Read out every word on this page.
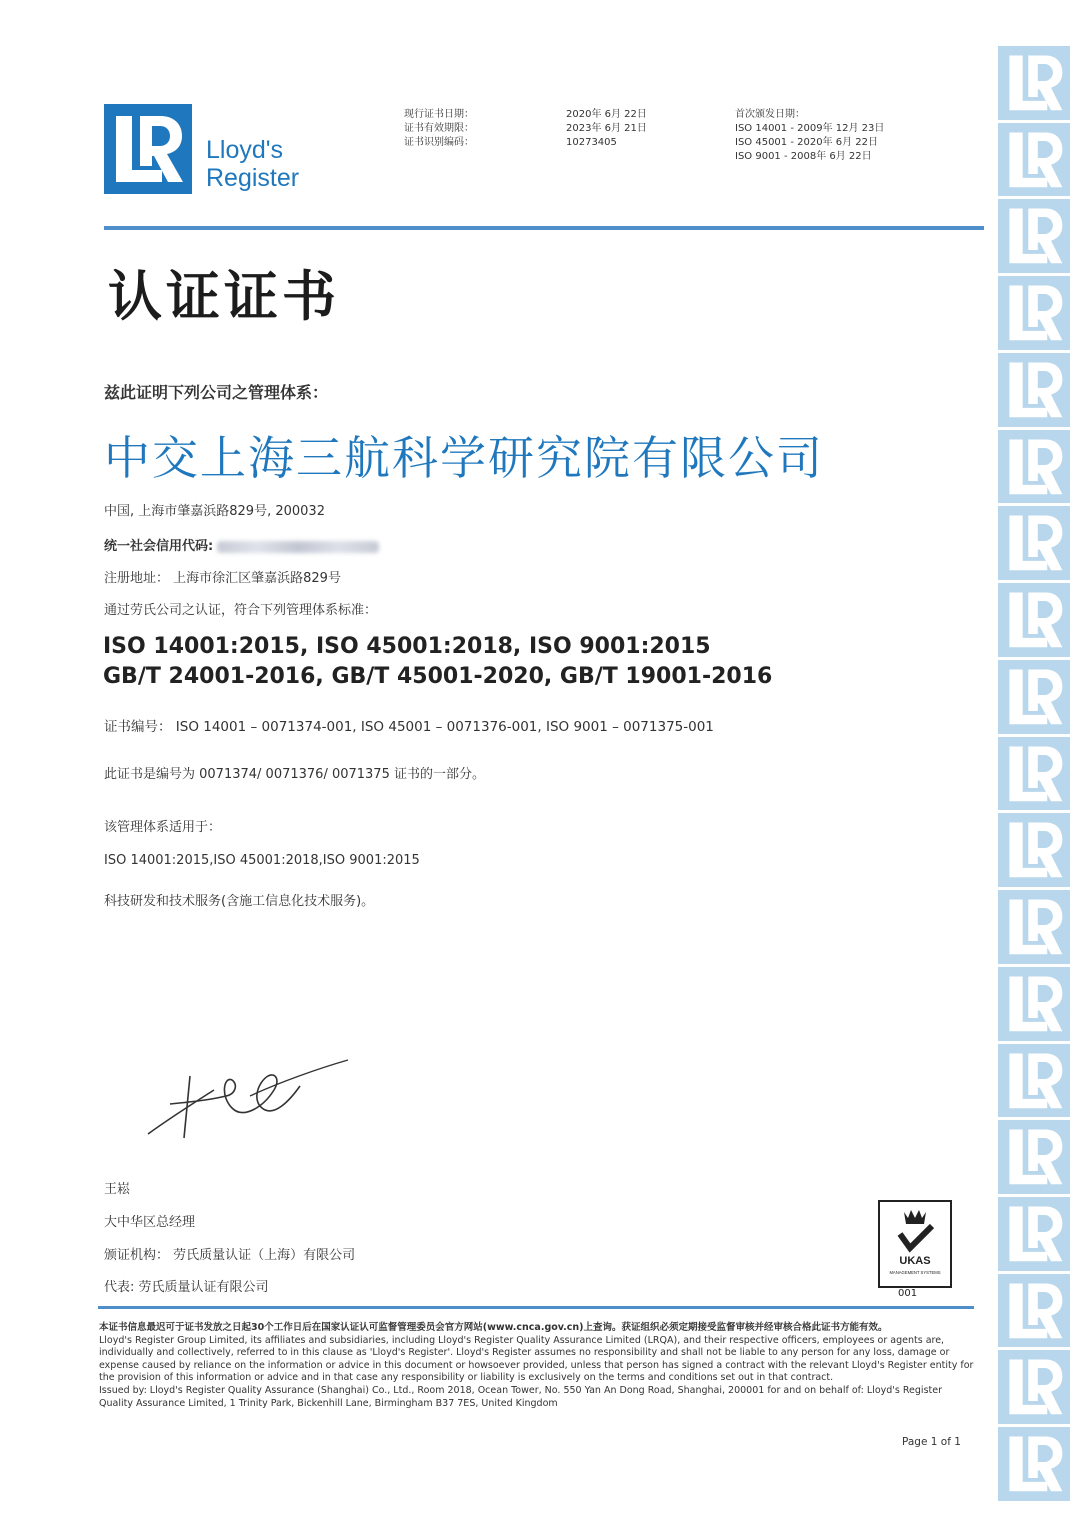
Lloyd's
Register
现行证书日期：
证书有效期限：
证书识别编码：
2020年 6月 22日
2023年 6月 21日
10273405
首次颁发日期：
ISO 14001 - 2009年 12月 23日
ISO 45001 - 2020年 6月 22日
ISO 9001 - 2008年 6月 22日
认证证书
兹此证明下列公司之管理体系：
中交上海三航科学研究院有限公司
中国, 上海市肇嘉浜路829号, 200032
统一社会信用代码:
注册地址： 上海市徐汇区肇嘉浜路829号
通过劳氏公司之认证，符合下列管理体系标准：
ISO 14001:2015, ISO 45001:2018, ISO 9001:2015
GB/T 24001-2016, GB/T 45001-2020, GB/T 19001-2016
证书编号： ISO 14001 – 0071374-001, ISO 45001 – 0071376-001, ISO 9001 – 0071375-001
此证书是编号为 0071374/ 0071376/ 0071375 证书的一部分。
该管理体系适用于：
ISO 14001:2015,ISO 45001:2018,ISO 9001:2015
科技研发和技术服务(含施工信息化技术服务)。
王崧
大中华区总经理
颁证机构： 劳氏质量认证（上海）有限公司
代表: 劳氏质量认证有限公司
UKAS
MANAGEMENT SYSTEMS
001

本证书信息最迟可于证书发放之日起30个工作日后在国家认证认可监督管理委员会官方网站(www.cnca.gov.cn)上查询。获证组织必须定期接受监督审核并经审核合格此证书方能有效。

Lloyd's Register Group Limited, its affiliates and subsidiaries, including Lloyd's Register Quality Assurance Limited (LRQA), and their respective officers, employees or agents are, individually and collectively, referred to in this clause as 'Lloyd's Register'. Lloyd's Register assumes no responsibility and shall not be liable to any person for any loss, damage or expense caused by reliance on the information or advice in this document or howsoever provided, unless that person has signed a contract with the relevant Lloyd's Register entity for the provision of this information or advice and in that case any responsibility or liability is exclusively on the terms and conditions set out in that contract.

Issued by: Lloyd's Register Quality Assurance (Shanghai) Co., Ltd., Room 2018, Ocean Tower, No. 550 Yan An Dong Road, Shanghai, 200001 for and on behalf of: Lloyd's Register Quality Assurance Limited, 1 Trinity Park, Bickenhill Lane, Birmingham B37 7ES, United Kingdom

Page 1 of 1
